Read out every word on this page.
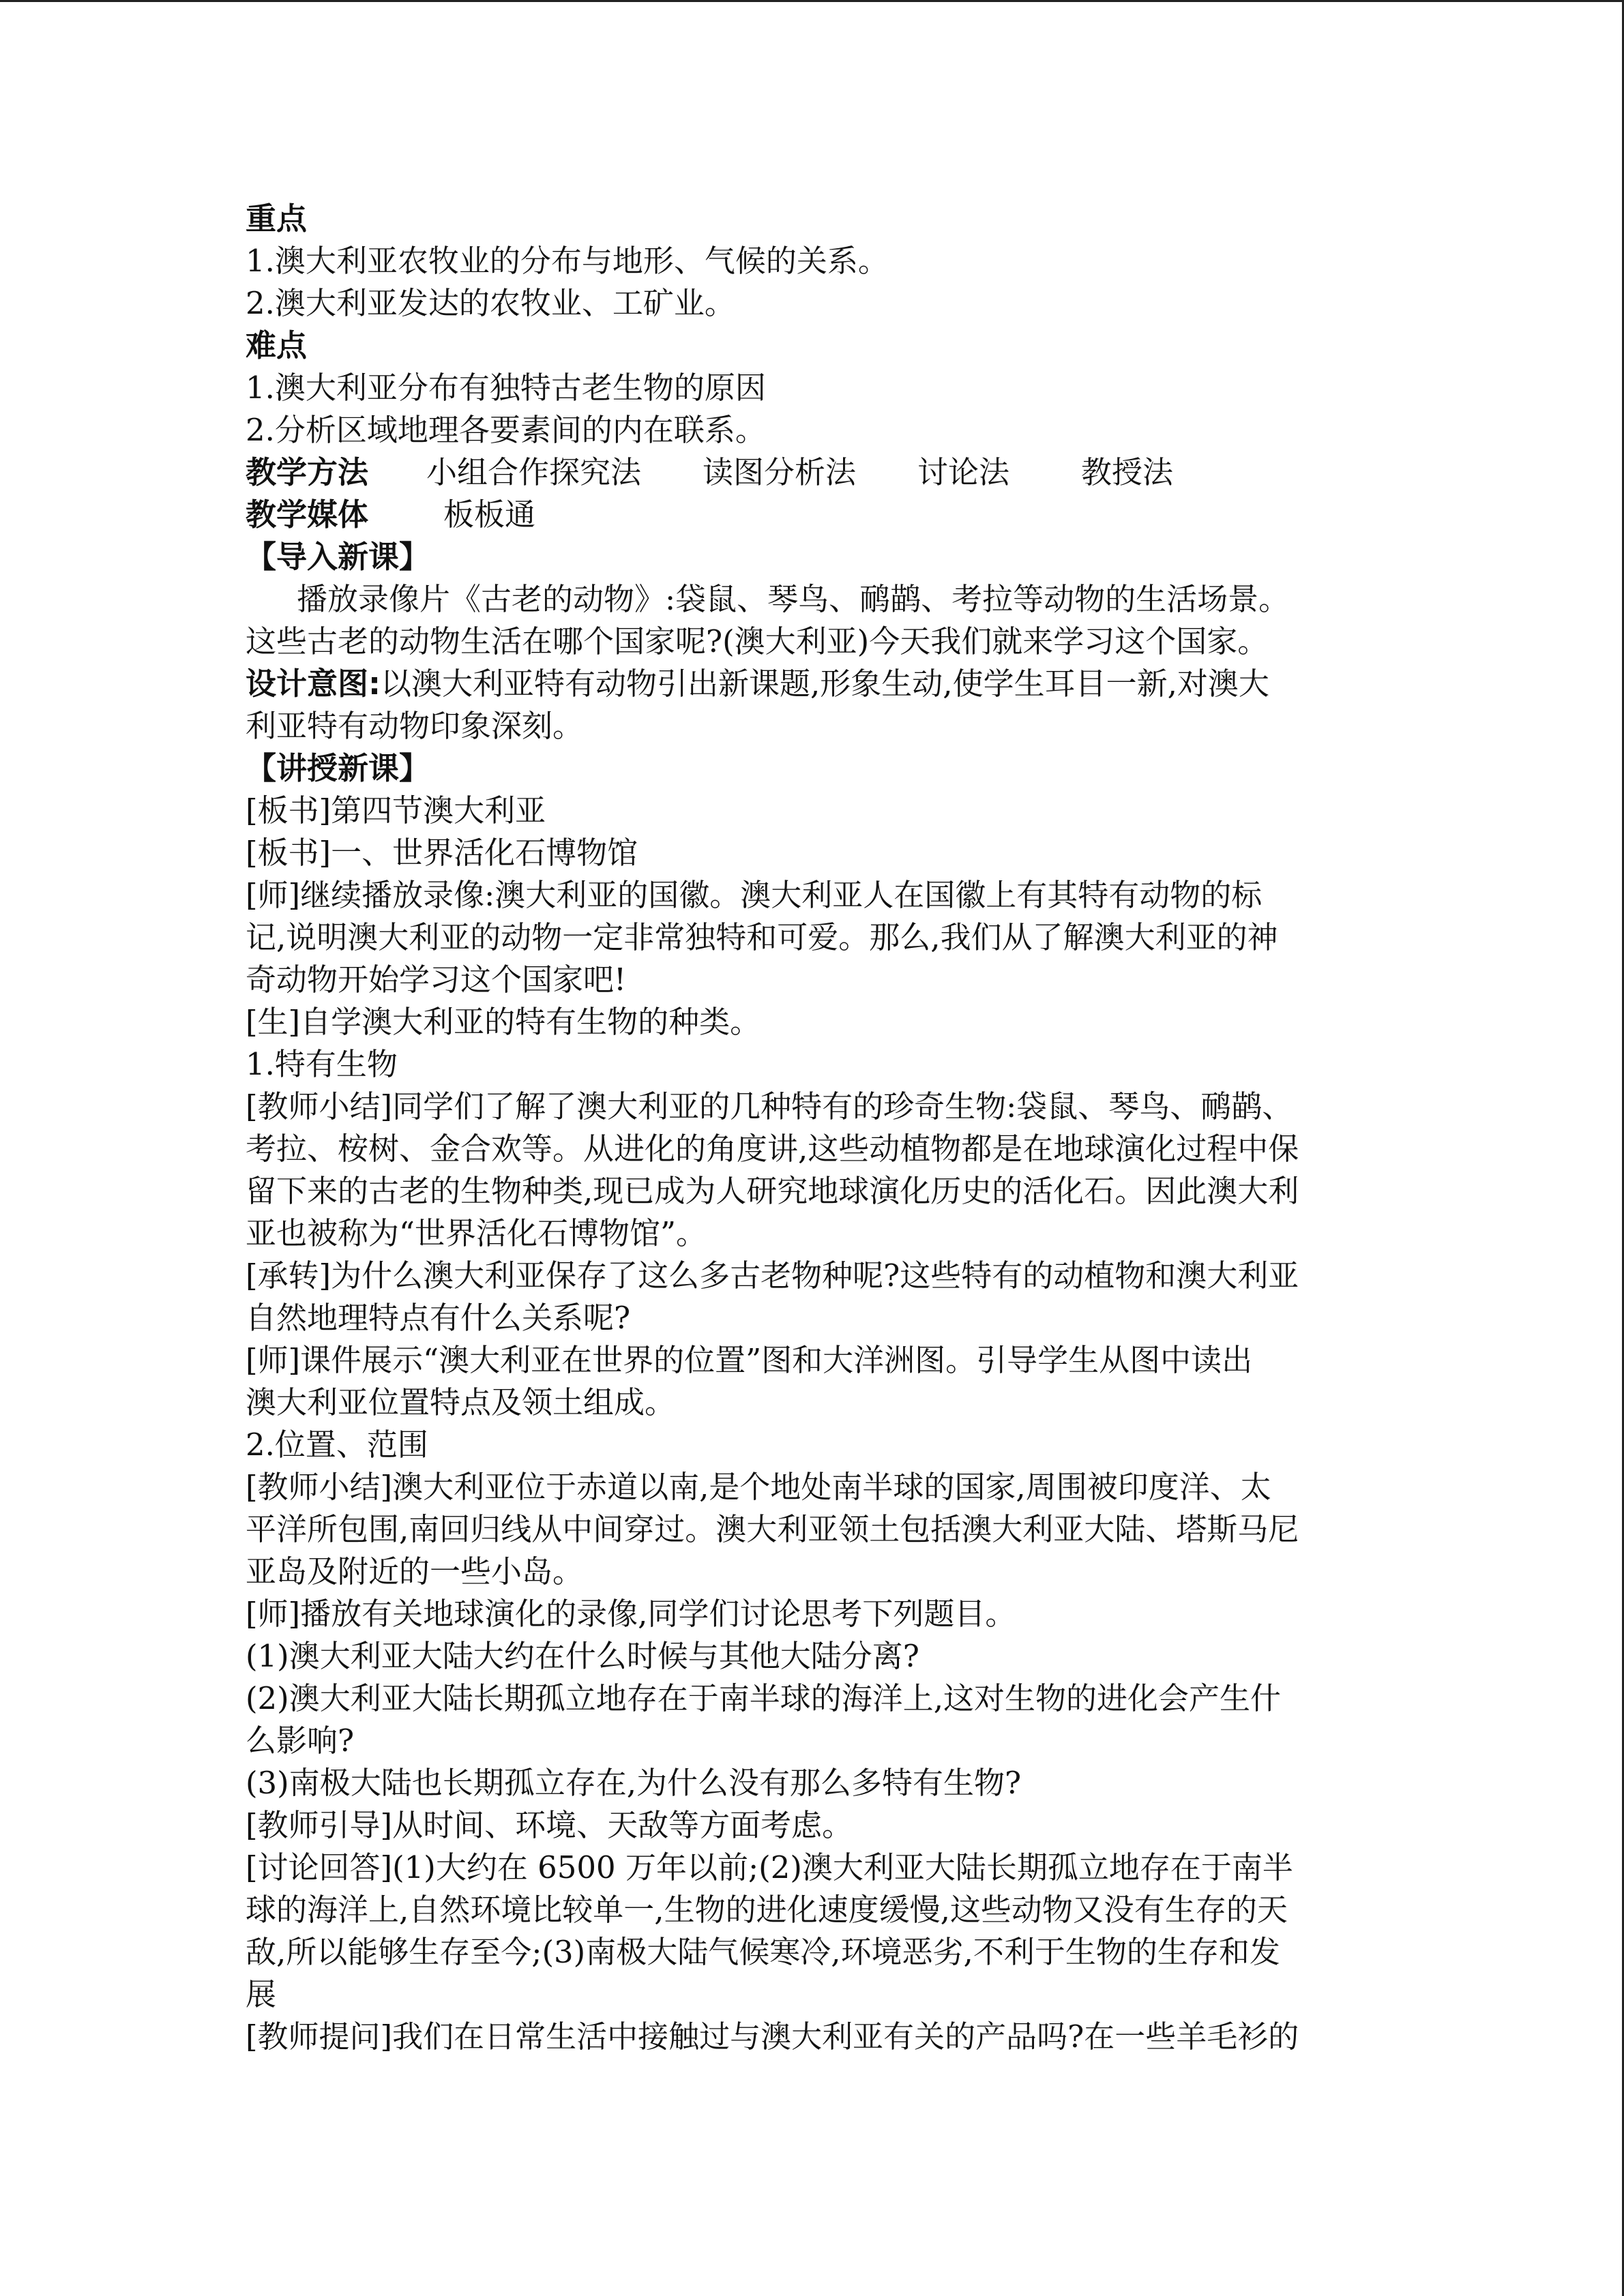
重点
1.澳大利亚农牧业的分布与地形、气候的关系。
2.澳大利亚发达的农牧业、工矿业。
难点
1.澳大利亚分布有独特古老生物的原因
2.分析区域地理各要素间的内在联系。
教学方法 小组合作探究法 读图分析法 讨论法 教授法
教学媒体 板板通
【导入新课】
播放录像片《古老的动物》:袋鼠、琴鸟、鸸鹋、考拉等动物的生活场景。
这些古老的动物生活在哪个国家呢?(澳大利亚)今天我们就来学习这个国家。
设计意图:以澳大利亚特有动物引出新课题,形象生动,使学生耳目一新,对澳大
利亚特有动物印象深刻。
【讲授新课】
[板书]第四节澳大利亚
[板书]一、世界活化石博物馆
[师]继续播放录像:澳大利亚的国徽。澳大利亚人在国徽上有其特有动物的标
记,说明澳大利亚的动物一定非常独特和可爱。那么,我们从了解澳大利亚的神
奇动物开始学习这个国家吧!
[生]自学澳大利亚的特有生物的种类。
1.特有生物
[教师小结]同学们了解了澳大利亚的几种特有的珍奇生物:袋鼠、琴鸟、鸸鹋、
考拉、桉树、金合欢等。从进化的角度讲,这些动植物都是在地球演化过程中保
留下来的古老的生物种类,现已成为人研究地球演化历史的活化石。因此澳大利
亚也被称为“世界活化石博物馆”。
[承转]为什么澳大利亚保存了这么多古老物种呢?这些特有的动植物和澳大利亚
自然地理特点有什么关系呢?
[师]课件展示“澳大利亚在世界的位置”图和大洋洲图。引导学生从图中读出
澳大利亚位置特点及领土组成。
2.位置、范围
[教师小结]澳大利亚位于赤道以南,是个地处南半球的国家,周围被印度洋、太
平洋所包围,南回归线从中间穿过。澳大利亚领土包括澳大利亚大陆、塔斯马尼
亚岛及附近的一些小岛。
[师]播放有关地球演化的录像,同学们讨论思考下列题目。
(1)澳大利亚大陆大约在什么时候与其他大陆分离?
(2)澳大利亚大陆长期孤立地存在于南半球的海洋上,这对生物的进化会产生什
么影响?
(3)南极大陆也长期孤立存在,为什么没有那么多特有生物?
[教师引导]从时间、环境、天敌等方面考虑。
[讨论回答](1)大约在 6500 万年以前;(2)澳大利亚大陆长期孤立地存在于南半
球的海洋上,自然环境比较单一,生物的进化速度缓慢,这些动物又没有生存的天
敌,所以能够生存至今;(3)南极大陆气候寒冷,环境恶劣,不利于生物的生存和发
展
[教师提问]我们在日常生活中接触过与澳大利亚有关的产品吗?在一些羊毛衫的
